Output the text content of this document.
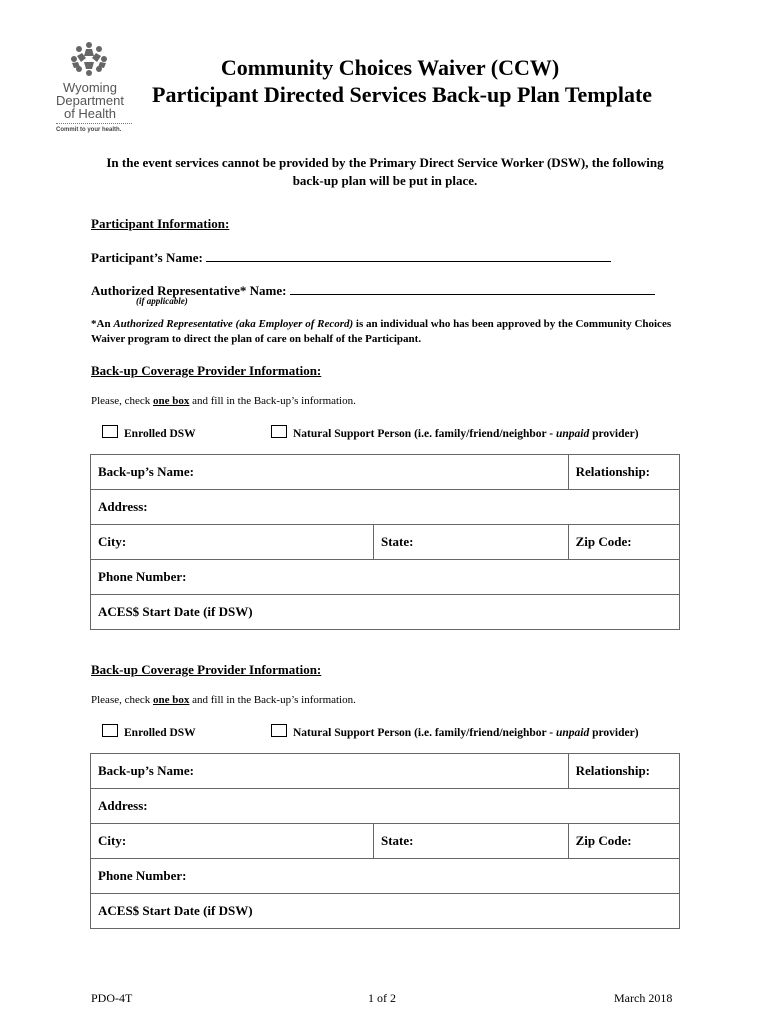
Wyoming
Department
of Health
Commit to your health.
Community Choices Waiver (CCW)
Participant Directed Services Back-up Plan Template
In the event services cannot be provided by the Primary Direct Service Worker (DSW), the following back-up plan will be put in place.
Participant Information:
Participant’s Name:
Authorized Representative* Name:
(if applicable)
*An Authorized Representative (aka Employer of Record) is an individual who has been approved by the Community Choices Waiver program to direct the plan of care on behalf of the Participant.
Back-up Coverage Provider Information:
Please, check one box and fill in the Back-up’s information.
Enrolled DSW	Natural Support Person (i.e. family/friend/neighbor - unpaid provider)
Back-up’s Name:		Relationship:
Address:		
City:	State:	Zip Code:
Phone Number:		
ACES$ Start Date (if DSW)		
Back-up Coverage Provider Information:
Please, check one box and fill in the Back-up’s information.
Enrolled DSW	Natural Support Person (i.e. family/friend/neighbor - unpaid provider)
Back-up’s Name:		Relationship:
Address:		
City:	State:	Zip Code:
Phone Number:		
ACES$ Start Date (if DSW)		
PDO-4T	1 of 2	March 2018
